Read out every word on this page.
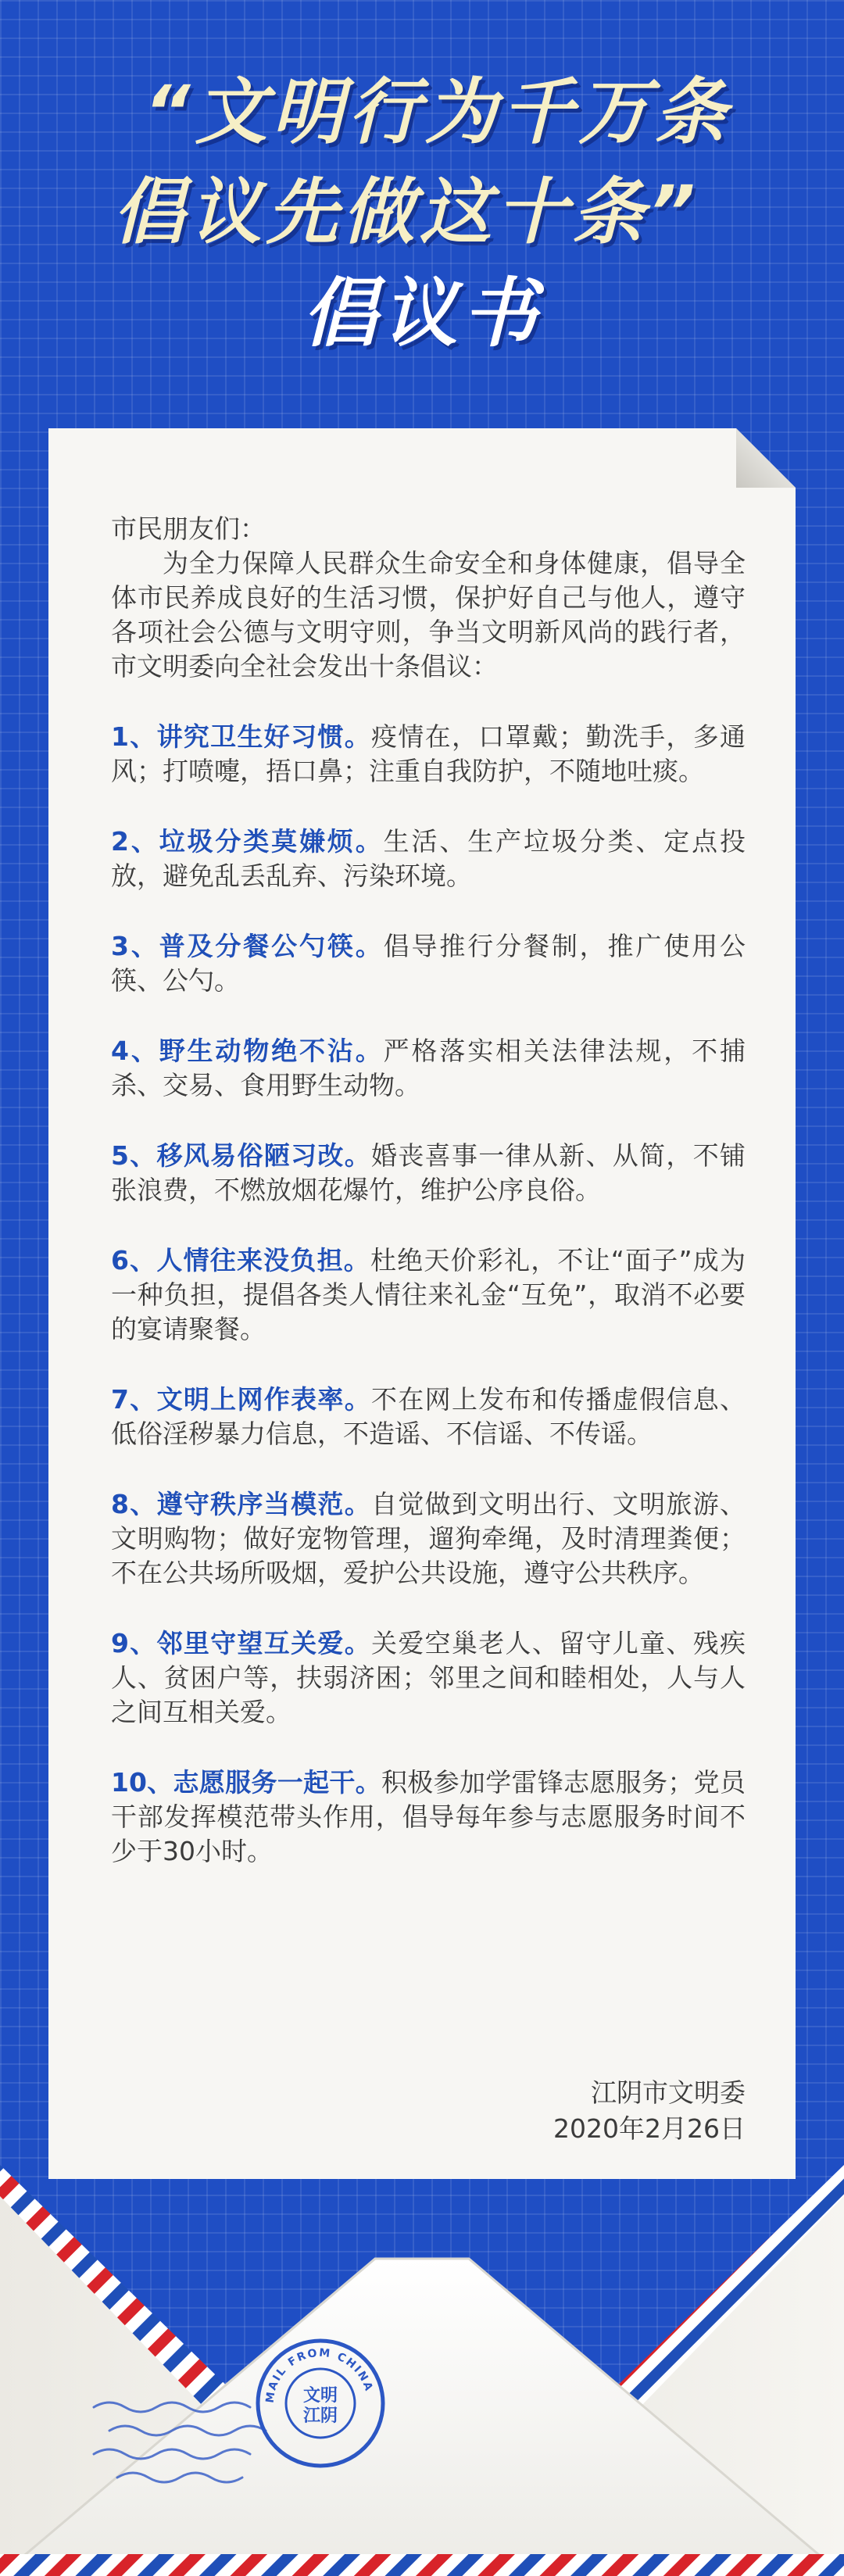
“文明行为千万条
倡议先做这十条”
倡议书

市民朋友们：

为全力保障人民群众生命安全和身体健康，倡导全体市民养成良好的生活习惯，保护好自己与他人，遵守各项社会公德与文明守则，争当文明新风尚的践行者，市文明委向全社会发出十条倡议：

1、讲究卫生好习惯。疫情在，口罩戴；勤洗手，多通风；打喷嚏，捂口鼻；注重自我防护，不随地吐痰。

2、垃圾分类莫嫌烦。生活、生产垃圾分类、定点投放，避免乱丢乱弃、污染环境。

3、普及分餐公勺筷。倡导推行分餐制，推广使用公筷、公勺。

4、野生动物绝不沾。严格落实相关法律法规，不捕杀、交易、食用野生动物。

5、移风易俗陋习改。婚丧喜事一律从新、从简，不铺张浪费，不燃放烟花爆竹，维护公序良俗。

6、人情往来没负担。杜绝天价彩礼，不让“面子”成为一种负担，提倡各类人情往来礼金“互免”，取消不必要的宴请聚餐。

7、文明上网作表率。不在网上发布和传播虚假信息、低俗淫秽暴力信息，不造谣、不信谣、不传谣。

8、遵守秩序当模范。自觉做到文明出行、文明旅游、文明购物；做好宠物管理，遛狗牵绳，及时清理粪便；不在公共场所吸烟，爱护公共设施，遵守公共秩序。

9、邻里守望互关爱。关爱空巢老人、留守儿童、残疾人、贫困户等，扶弱济困；邻里之间和睦相处，人与人之间互相关爱。

10、志愿服务一起干。积极参加学雷锋志愿服务；党员干部发挥模范带头作用，倡导每年参与志愿服务时间不少于30小时。

江阴市文明委
2020年2月26日
MAIL FROM CHINA
文明
江阴
